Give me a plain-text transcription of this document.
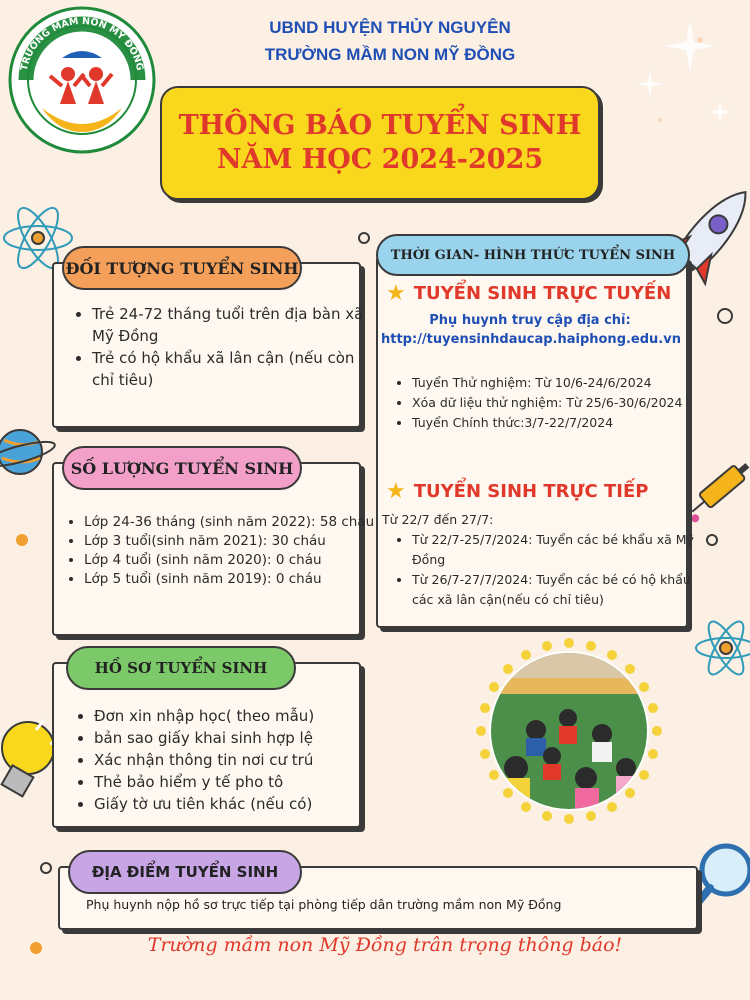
TRƯỜNG MẦM NON MỸ ĐỒNG
UBND HUYỆN THỦY NGUYÊN
TRƯỜNG MẦM NON MỸ ĐỒNG
THÔNG BÁO TUYỂN SINH
NĂM HỌC 2024-2025
ĐỐI TƯỢNG TUYỂN SINH
• Trẻ 24-72 tháng tuổi trên địa bàn xã Mỹ Đồng
• Trẻ có hộ khẩu xã lân cận (nếu còn chỉ tiêu)
SỐ LƯỢNG TUYỂN SINH
• Lớp 24-36 tháng (sinh năm 2022): 58 cháu
• Lớp 3 tuổi(sinh năm 2021): 30 cháu
• Lớp 4 tuổi (sinh năm 2020): 0 cháu
• Lớp 5 tuổi (sinh năm 2019): 0 cháu
HỒ SƠ TUYỂN SINH
• Đơn xin nhập học( theo mẫu)
• bản sao giấy khai sinh hợp lệ
• Xác nhận thông tin nơi cư trú
• Thẻ bảo hiểm y tế pho tô
• Giấy tờ ưu tiên khác (nếu có)
ĐỊA ĐIỂM TUYỂN SINH
Phụ huynh nộp hồ sơ trực tiếp tại phòng tiếp dân trường mầm non Mỹ Đồng
THỜI GIAN- HÌNH THỨC TUYỂN SINH
★ TUYỂN SINH TRỰC TUYẾN
Phụ huynh truy cập địa chỉ:
http://tuyensinhdaucap.haiphong.edu.vn
• Tuyển Thử nghiệm: Từ 10/6-24/6/2024
• Xóa dữ liệu thử nghiệm: Từ 25/6-30/6/2024
• Tuyển Chính thức:3/7-22/7/2024
★ TUYỂN SINH TRỰC TIẾP
Từ 22/7 đến 27/7:
• Từ 22/7-25/7/2024: Tuyển các bé khẩu xã Mỹ Đồng
• Từ 26/7-27/7/2024: Tuyển các bé có hộ khẩu các xã lân cận(nếu có chỉ tiêu)
Trường mầm non Mỹ Đồng trân trọng thông báo!
